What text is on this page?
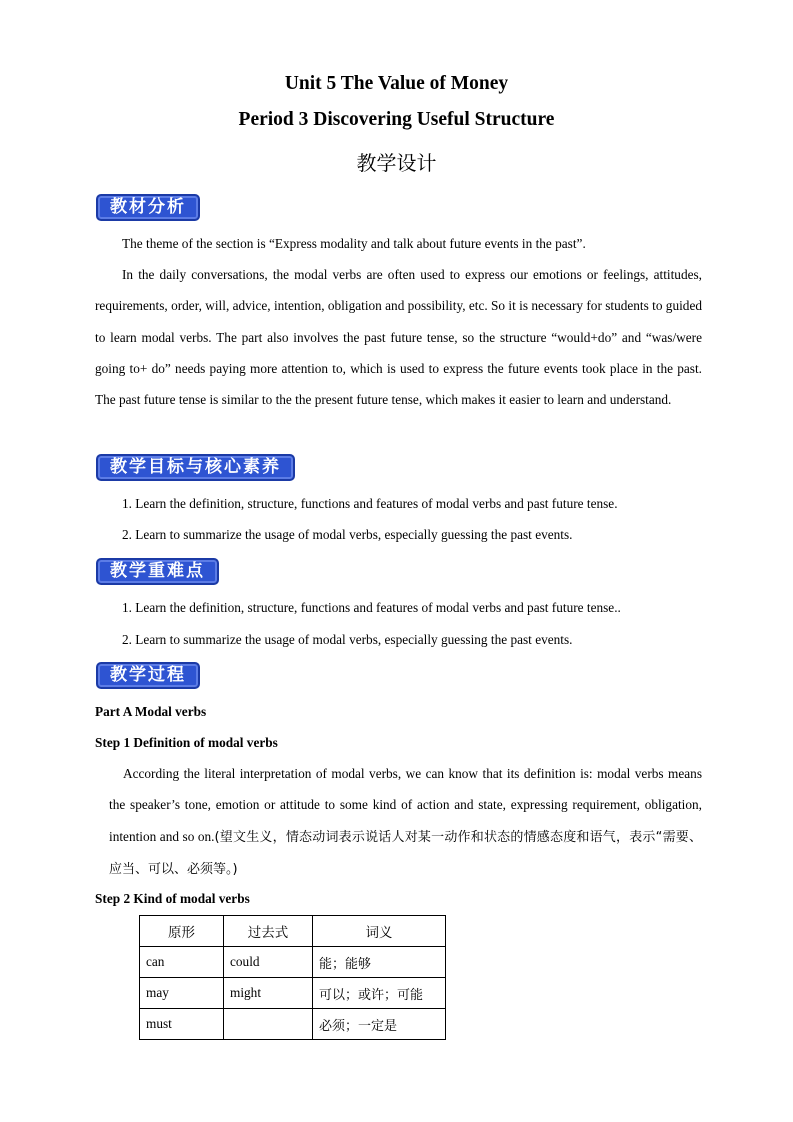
Unit 5 The Value of Money
Period 3 Discovering Useful Structure
教学设计
教材分析
The theme of the section is “Express modality and talk about future events in the past”.
In the daily conversations, the modal verbs are often used to express our emotions or feelings, attitudes, requirements, order, will, advice, intention, obligation and possibility, etc. So it is necessary for students to guided to learn modal verbs. The part also involves the past future tense, so the structure “would+do” and “was/were going to+ do” needs paying more attention to, which is used to express the future events took place in the past. The past future tense is similar to the the present future tense, which makes it easier to learn and understand.
教学目标与核心素养
1. Learn the definition, structure, functions and features of modal verbs and past future tense.
2. Learn to summarize the usage of modal verbs, especially guessing the past events.
教学重难点
1. Learn the definition, structure, functions and features of modal verbs and past future tense..
2. Learn to summarize the usage of modal verbs, especially guessing the past events.
教学过程
Part A Modal verbs
Step 1 Definition of modal verbs
According the literal interpretation of modal verbs, we can know that its definition is: modal verbs means the speaker’s tone, emotion or attitude to some kind of action and state, expressing requirement, obligation, intention and so on.(望文生义，情态动词表示说话人对某一动作和状态的情感态度和语气，表示“需要、应当、可以、必须等。)
Step 2 Kind of modal verbs
原形	过去式	词义
can	could	能；能够
may	might	可以；或许；可能
must		必须；一定是
